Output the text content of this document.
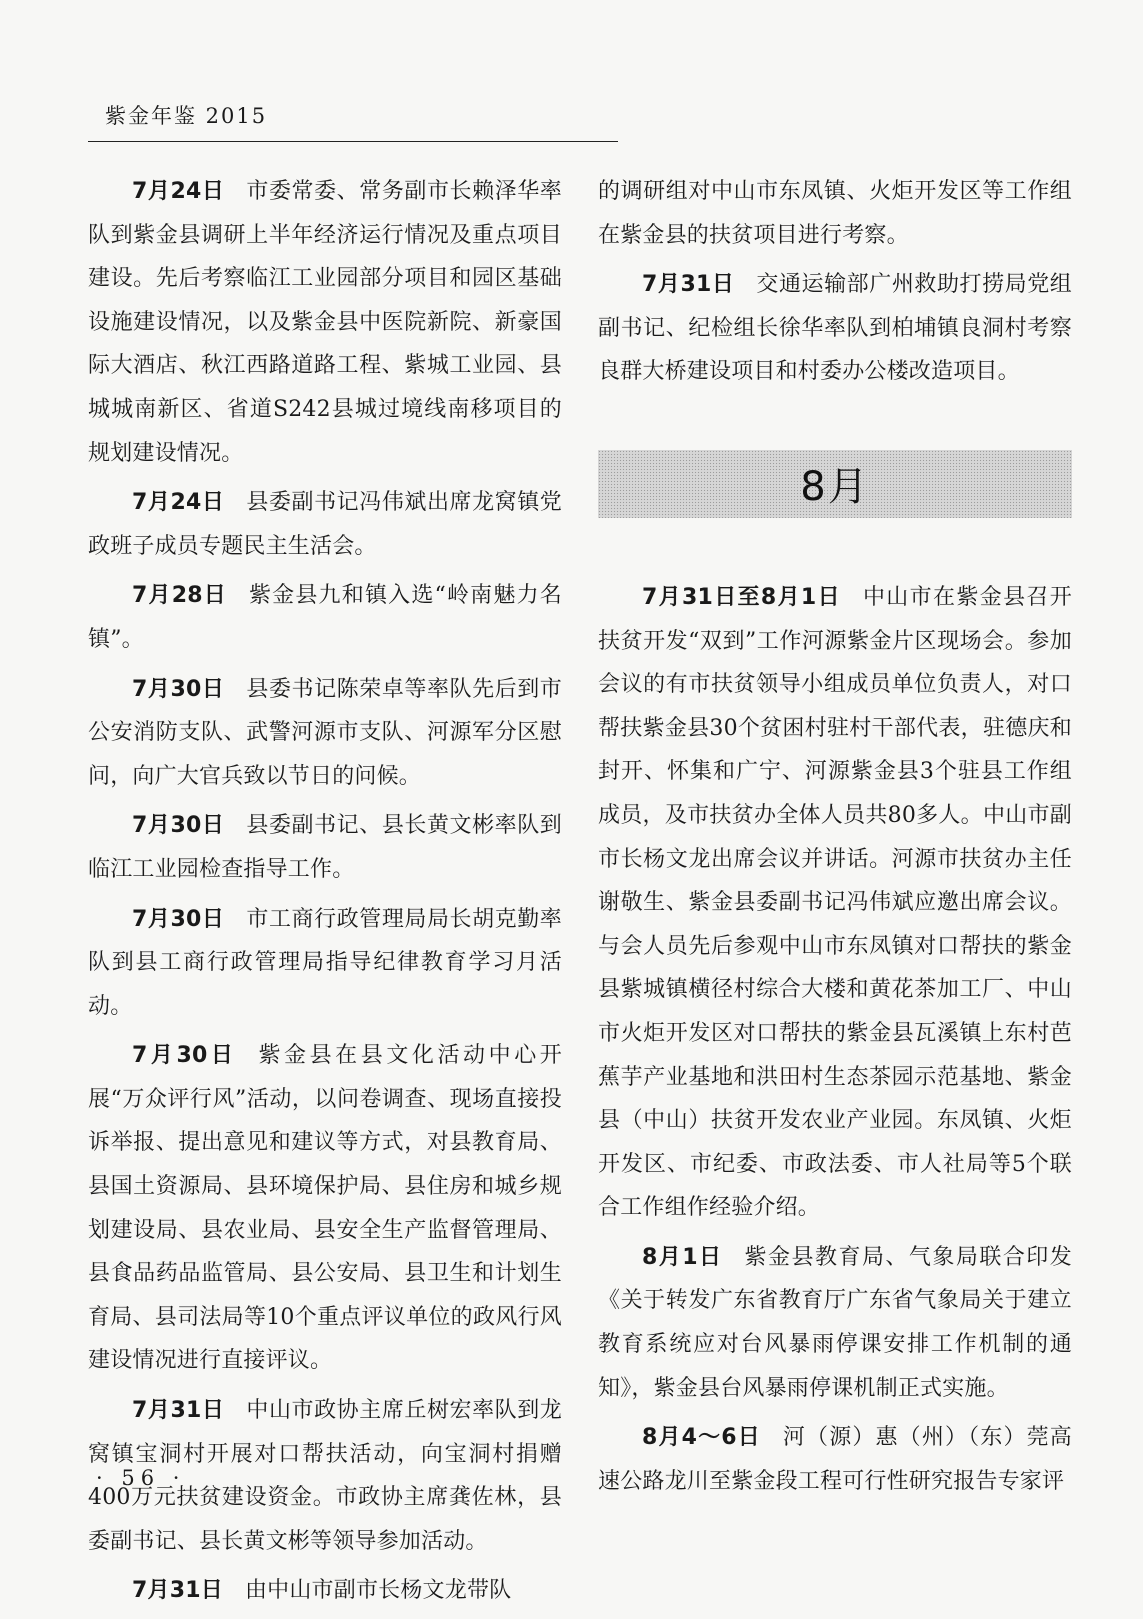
紫金年鉴 2015

7月24日 市委常委、常务副市长赖泽华率队到紫金县调研上半年经济运行情况及重点项目建设。先后考察临江工业园部分项目和园区基础设施建设情况，以及紫金县中医院新院、新豪国际大酒店、秋江西路道路工程、紫城工业园、县城城南新区、省道S242县城过境线南移项目的规划建设情况。

7月24日 县委副书记冯伟斌出席龙窝镇党政班子成员专题民主生活会。

7月28日 紫金县九和镇入选“岭南魅力名镇”。

7月30日 县委书记陈荣卓等率队先后到市公安消防支队、武警河源市支队、河源军分区慰问，向广大官兵致以节日的问候。

7月30日 县委副书记、县长黄文彬率队到临江工业园检查指导工作。

7月30日 市工商行政管理局局长胡克勤率队到县工商行政管理局指导纪律教育学习月活动。

7月30日 紫金县在县文化活动中心开展“万众评行风”活动，以问卷调查、现场直接投诉举报、提出意见和建议等方式，对县教育局、县国土资源局、县环境保护局、县住房和城乡规划建设局、县农业局、县安全生产监督管理局、县食品药品监管局、县公安局、县卫生和计划生育局、县司法局等10个重点评议单位的政风行风建设情况进行直接评议。

7月31日 中山市政协主席丘树宏率队到龙窝镇宝洞村开展对口帮扶活动，向宝洞村捐赠400万元扶贫建设资金。市政协主席龚佐林，县委副书记、县长黄文彬等领导参加活动。

7月31日 由中山市副市长杨文龙带队

的调研组对中山市东凤镇、火炬开发区等工作组在紫金县的扶贫项目进行考察。

7月31日 交通运输部广州救助打捞局党组副书记、纪检组长徐华率队到柏埔镇良洞村考察良群大桥建设项目和村委办公楼改造项目。

8月

7月31日至8月1日 中山市在紫金县召开扶贫开发“双到”工作河源紫金片区现场会。参加会议的有市扶贫领导小组成员单位负责人，对口帮扶紫金县30个贫困村驻村干部代表，驻德庆和封开、怀集和广宁、河源紫金县3个驻县工作组成员，及市扶贫办全体人员共80多人。中山市副市长杨文龙出席会议并讲话。河源市扶贫办主任谢敬生、紫金县委副书记冯伟斌应邀出席会议。与会人员先后参观中山市东凤镇对口帮扶的紫金县紫城镇横径村综合大楼和黄花茶加工厂、中山市火炬开发区对口帮扶的紫金县瓦溪镇上东村芭蕉芋产业基地和洪田村生态茶园示范基地、紫金县（中山）扶贫开发农业产业园。东凤镇、火炬开发区、市纪委、市政法委、市人社局等5个联合工作组作经验介绍。

8月1日 紫金县教育局、气象局联合印发《关于转发广东省教育厅广东省气象局关于建立教育系统应对台风暴雨停课安排工作机制的通知》，紫金县台风暴雨停课机制正式实施。

8月4～6日 河（源）惠（州）（东）莞高速公路龙川至紫金段工程可行性研究报告专家评

· 56 ·
